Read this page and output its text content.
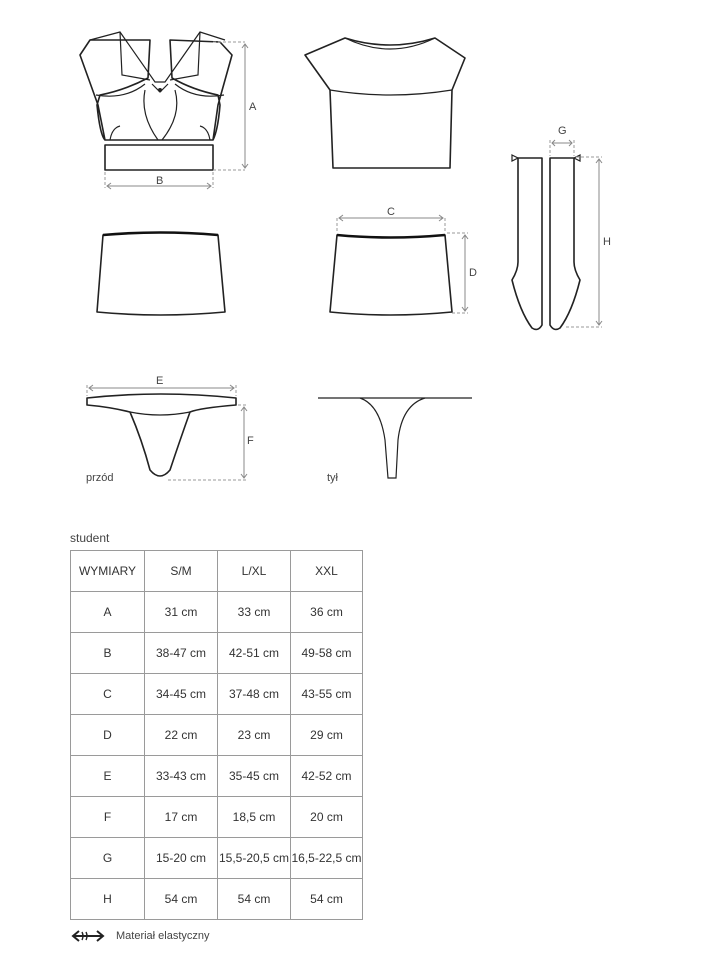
A
B
C
D
G
H
E
F
przód	tył
student
WYMIARY	S/M	L/XL	XXL
A	31 cm	33 cm	36 cm
B	38-47 cm	42-51 cm	49-58 cm
C	34-45 cm	37-48 cm	43-55 cm
D	22 cm	23 cm	29 cm
E	33-43 cm	35-45 cm	42-52 cm
F	17 cm	18,5 cm	20 cm
G	15-20 cm	15,5-20,5 cm	16,5-22,5 cm
H	54 cm	54 cm	54 cm
Materiał elastyczny
